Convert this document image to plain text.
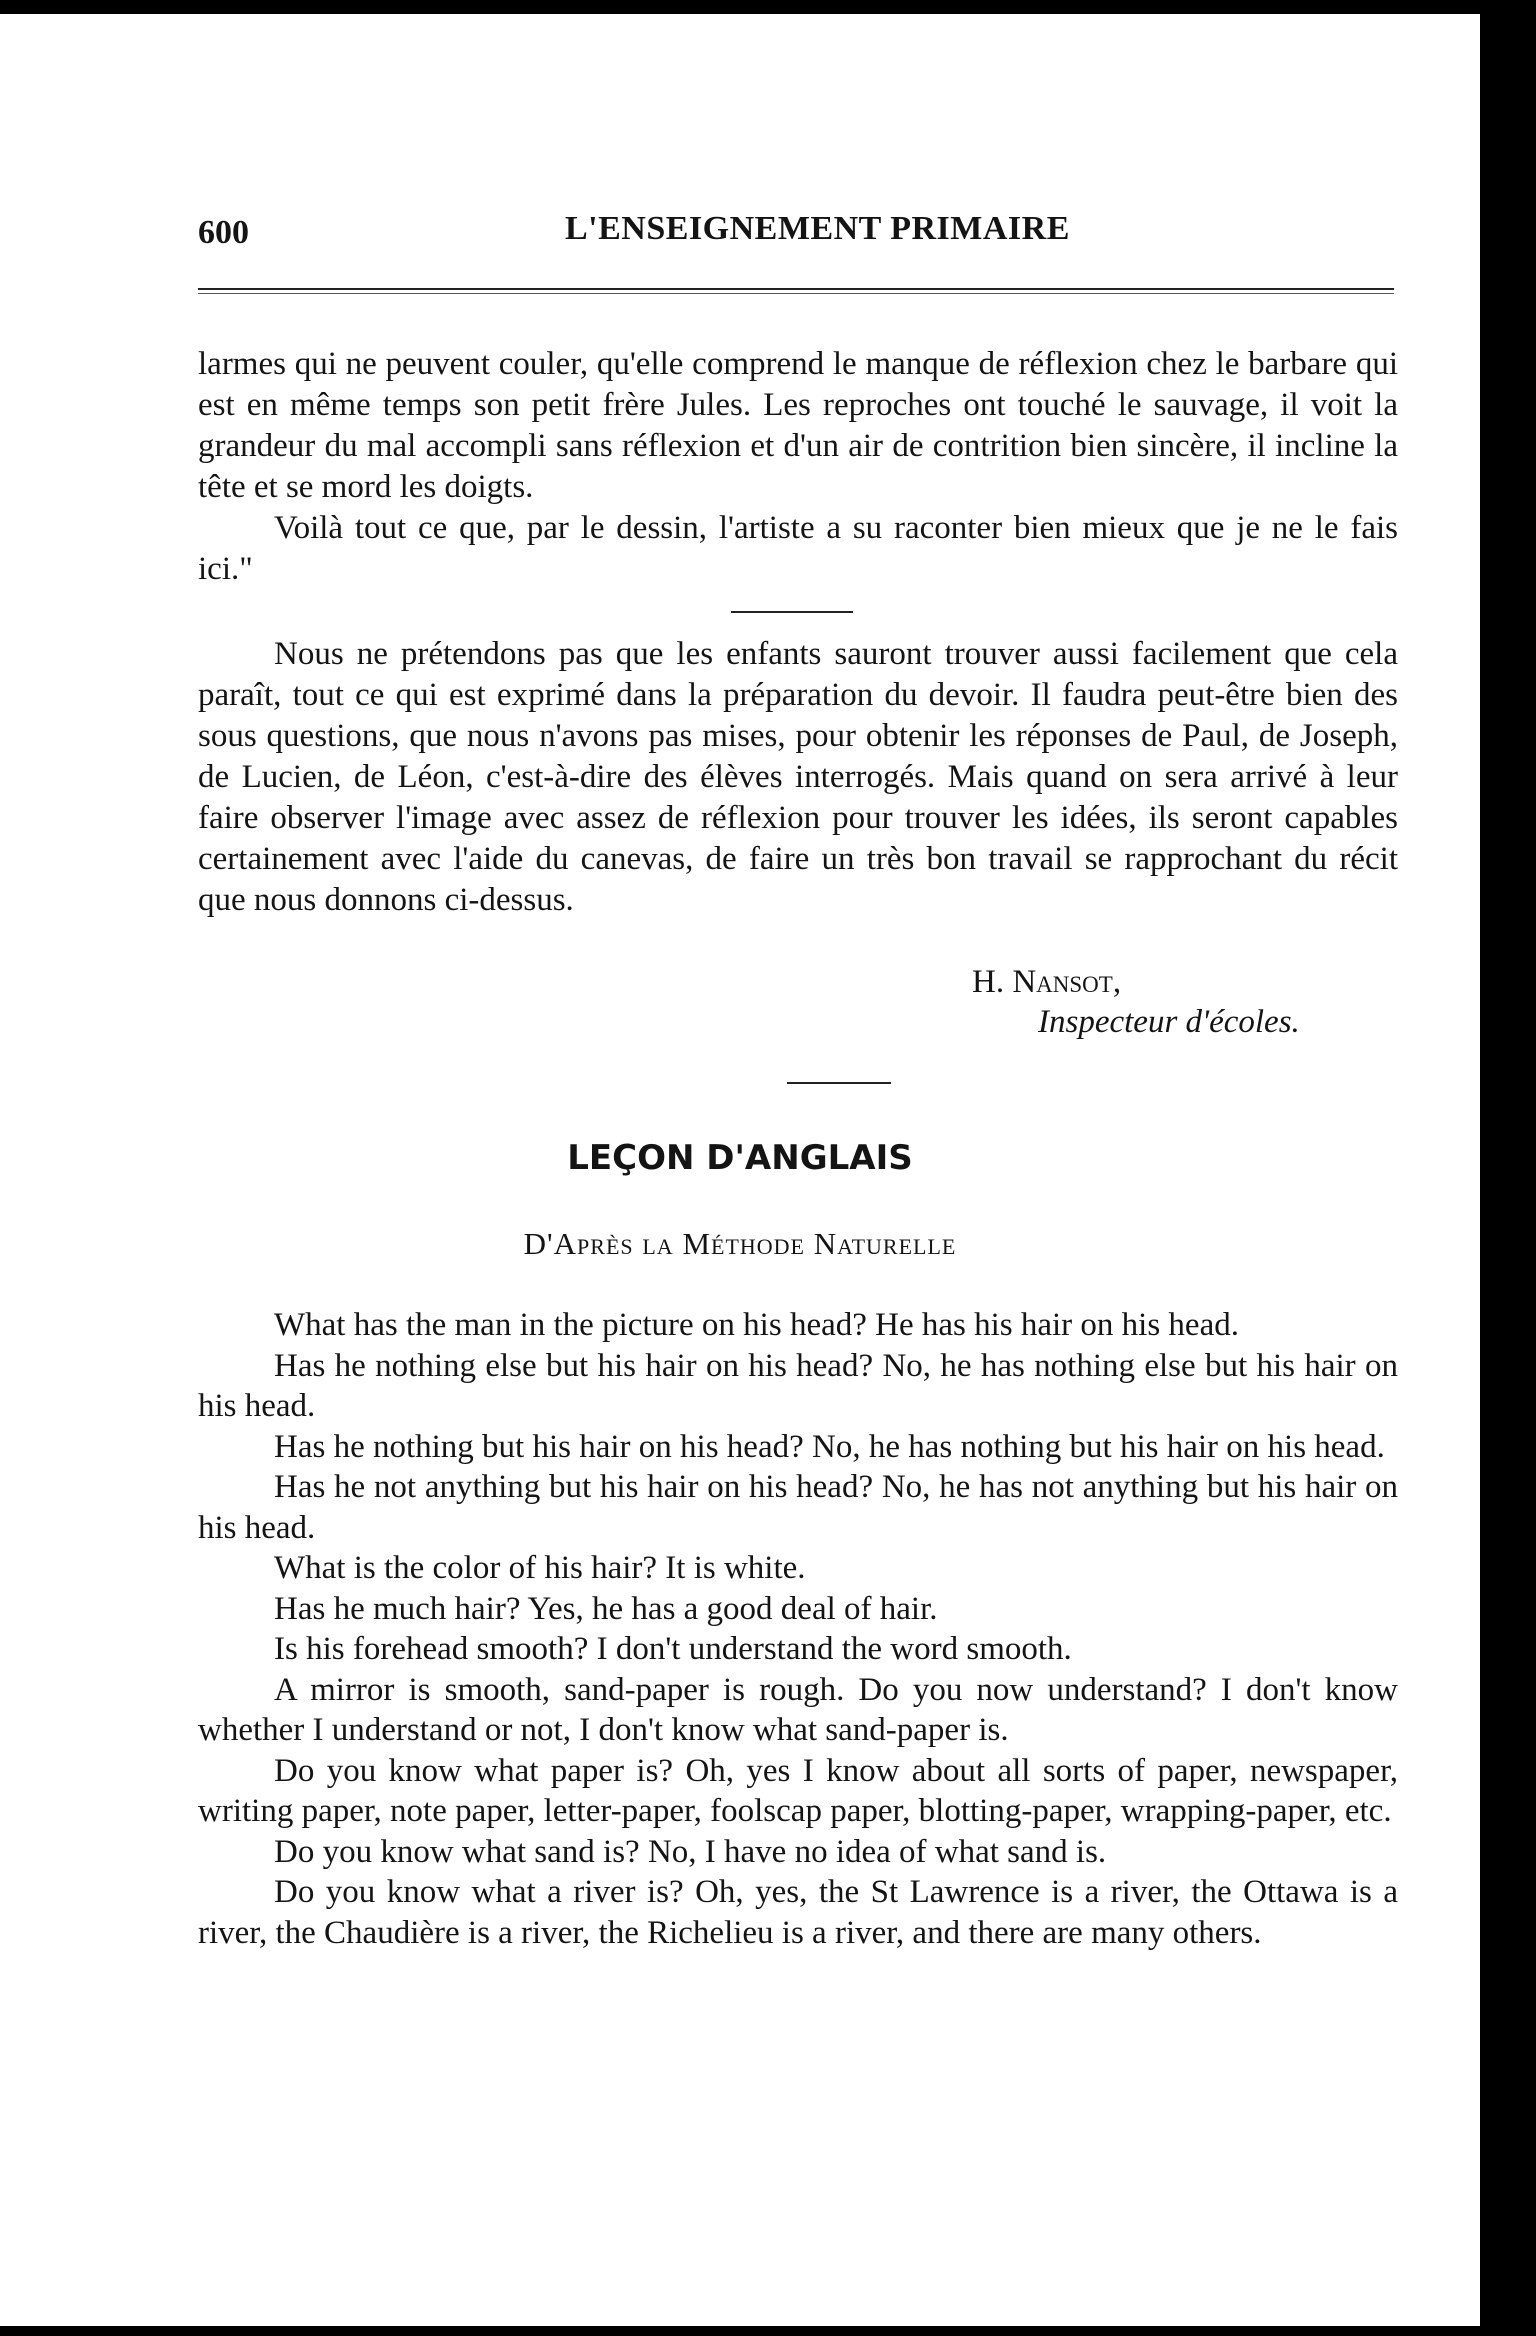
600	L'ENSEIGNEMENT PRIMAIRE

larmes qui ne peuvent couler, qu'elle comprend le manque de réflexion chez le barbare qui est en même temps son petit frère Jules. Les reproches ont touché le sauvage, il voit la grandeur du mal accompli sans réflexion et d'un air de contrition bien sincère, il incline la tête et se mord les doigts.

Voilà tout ce que, par le dessin, l'artiste a su raconter bien mieux que je ne le fais ici."

Nous ne prétendons pas que les enfants sauront trouver aussi facilement que cela paraît, tout ce qui est exprimé dans la préparation du devoir. Il faudra peut-être bien des sous questions, que nous n'avons pas mises, pour obtenir les réponses de Paul, de Joseph, de Lucien, de Léon, c'est-à-dire des élèves interrogés. Mais quand on sera arrivé à leur faire observer l'image avec assez de réflexion pour trouver les idées, ils seront capables certainement avec l'aide du canevas, de faire un très bon travail se rapprochant du récit que nous donnons ci-dessus.

H. Nansot,
Inspecteur d'écoles.
LEÇON D'ANGLAIS
D'Après la Méthode Naturelle

What has the man in the picture on his head? He has his hair on his head.

Has he nothing else but his hair on his head? No, he has nothing else but his hair on his head.

Has he nothing but his hair on his head? No, he has nothing but his hair on his head.

Has he not anything but his hair on his head? No, he has not anything but his hair on his head.

What is the color of his hair? It is white.

Has he much hair? Yes, he has a good deal of hair.

Is his forehead smooth? I don't understand the word smooth.

A mirror is smooth, sand-paper is rough. Do you now understand? I don't know whether I understand or not, I don't know what sand-paper is.

Do you know what paper is? Oh, yes I know about all sorts of paper, newspaper, writing paper, note paper, letter-paper, foolscap paper, blotting-paper, wrapping-paper, etc.

Do you know what sand is? No, I have no idea of what sand is.

Do you know what a river is? Oh, yes, the St Lawrence is a river, the Ottawa is a river, the Chaudière is a river, the Richelieu is a river, and there are many others.
